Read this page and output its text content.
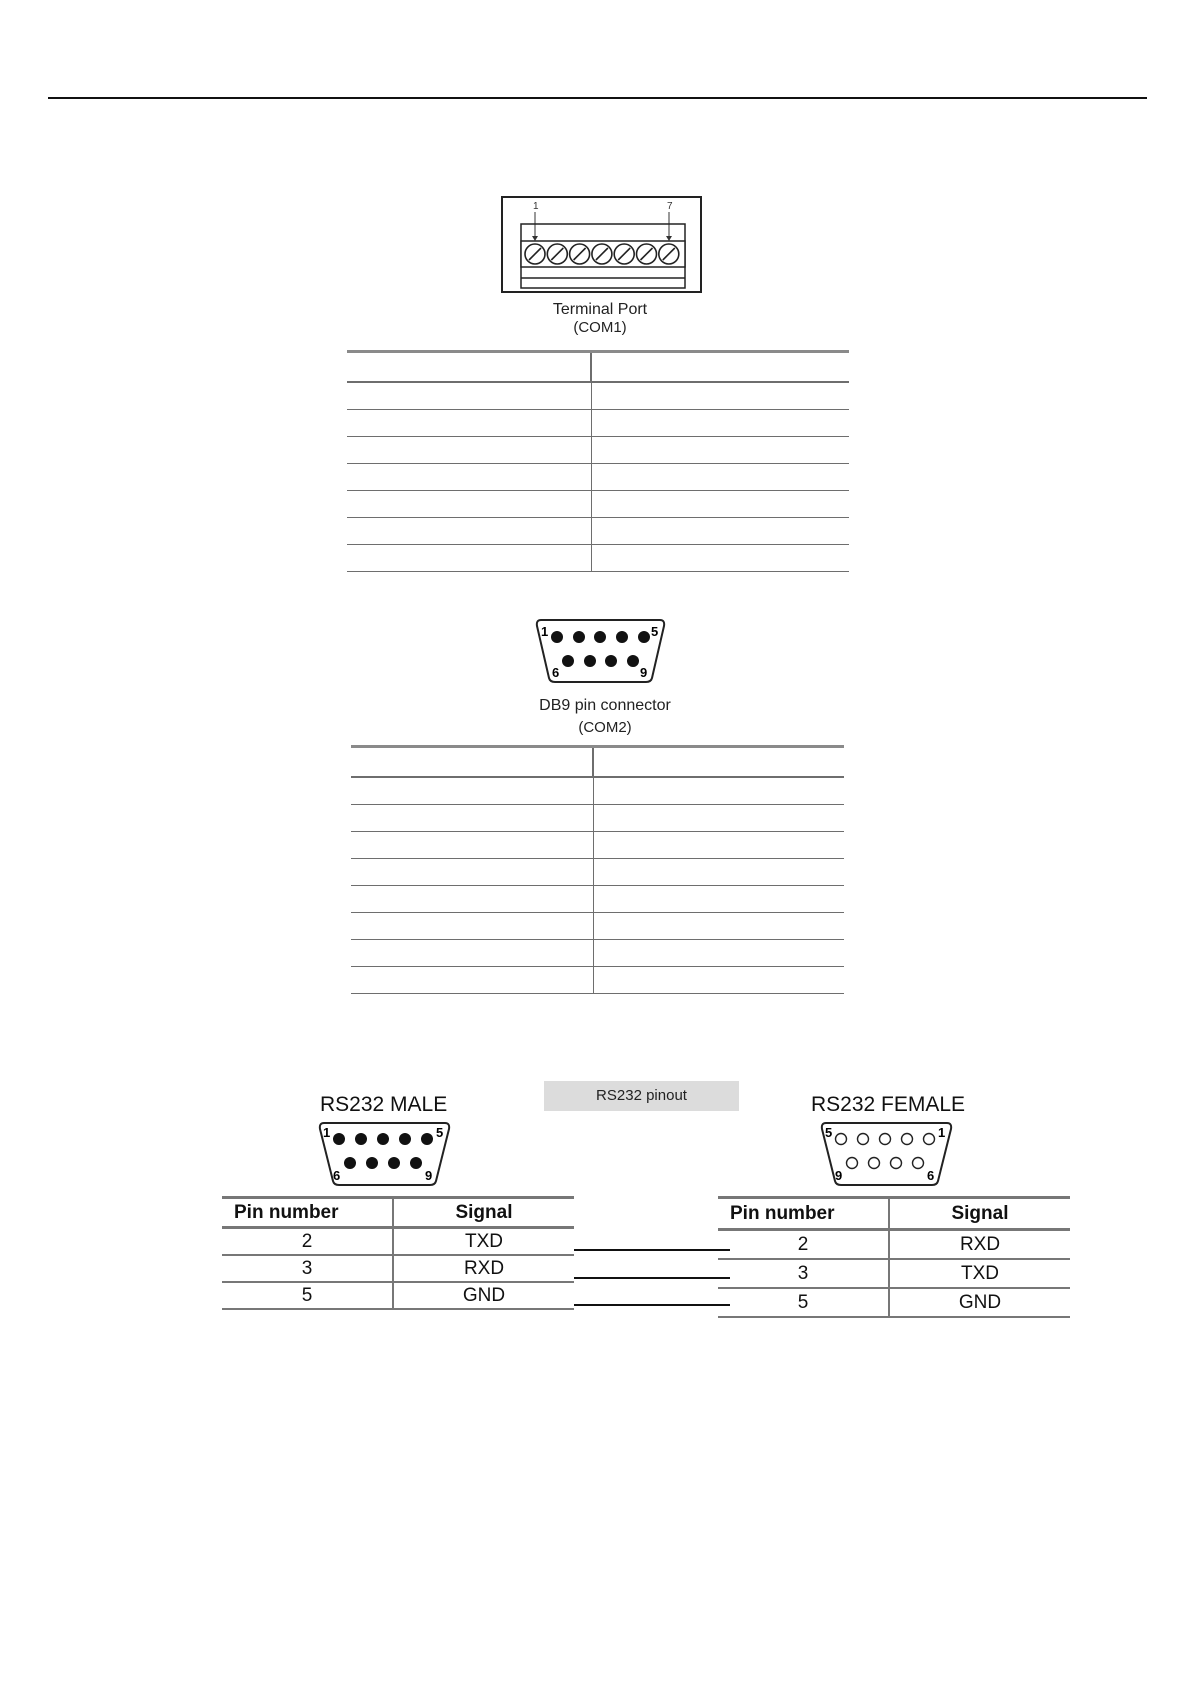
1	7
Terminal Port
(COM1)

1	5
6	9
DB9 pin connector
(COM2)

RS232 pinout
RS232 MALE
1	5
6	9
RS232 FEMALE
5	1
9	6
Pin number	Signal
2	TXD
3	RXD
5	GND
Pin number	Signal
2	RXD
3	TXD
5	GND
